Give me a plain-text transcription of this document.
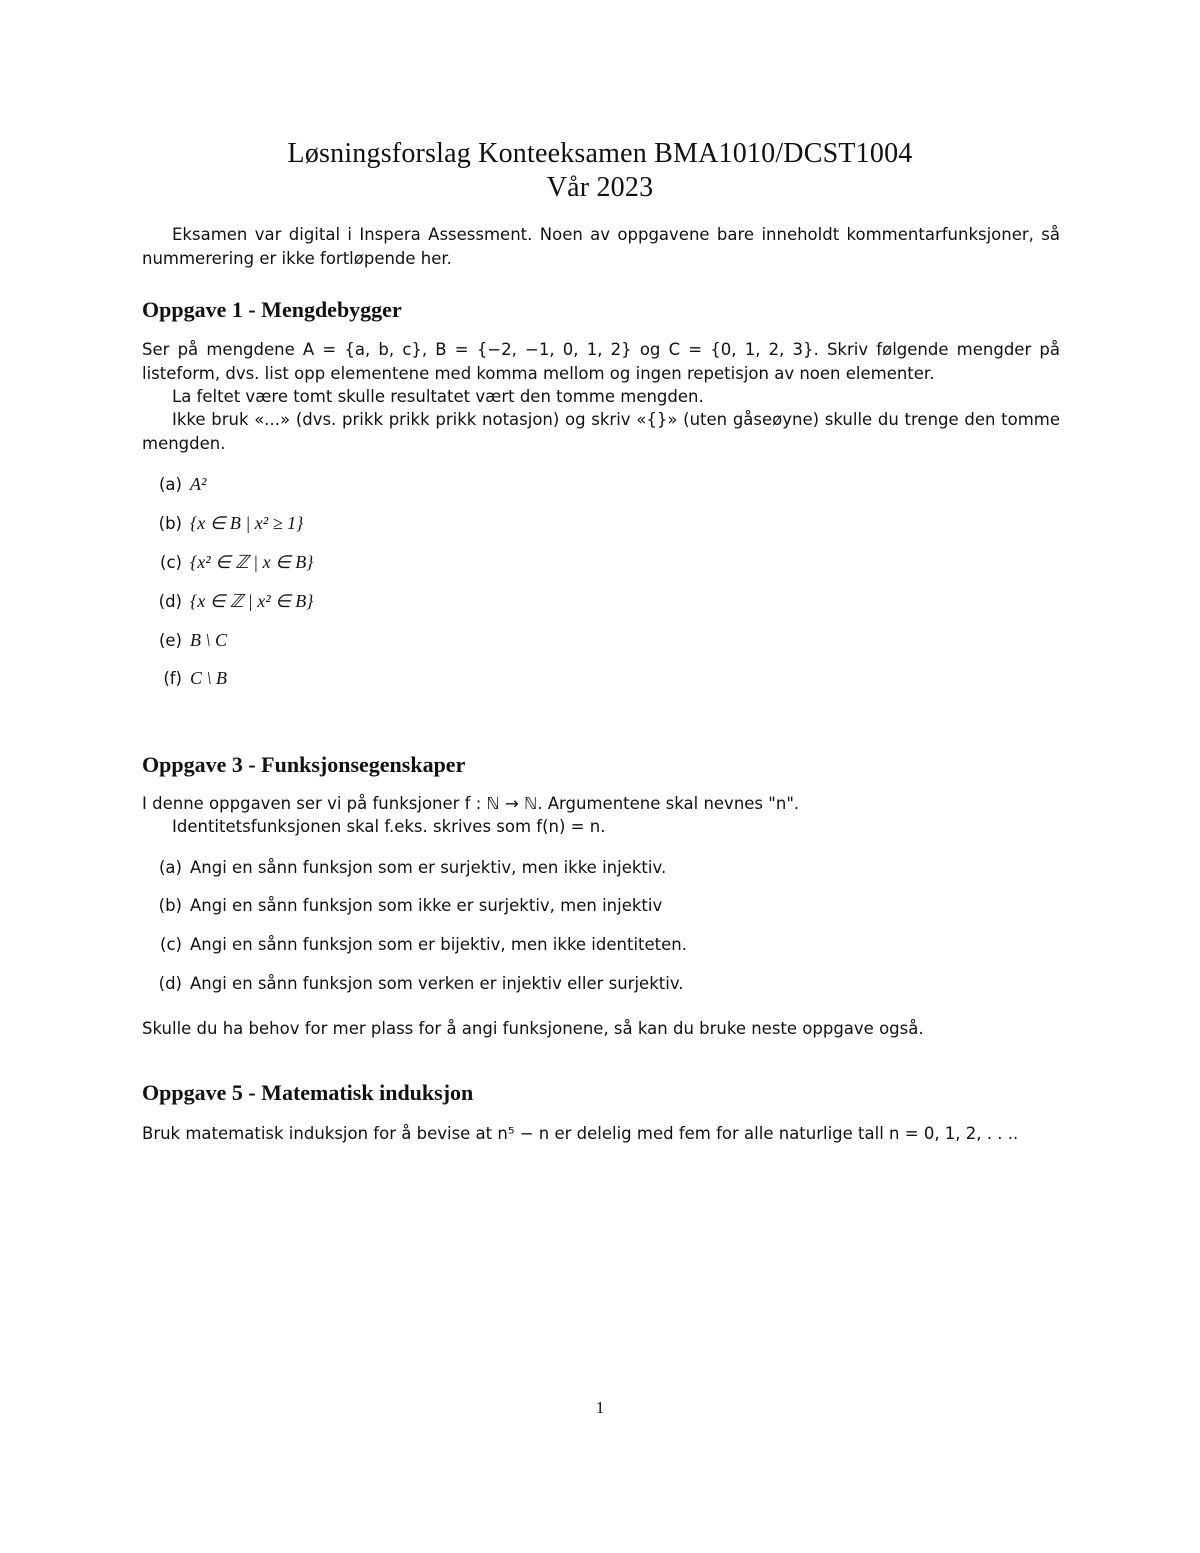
Løsningsforslag Konteeksamen BMA1010/DCST1004
Vår 2023
Eksamen var digital i Inspera Assessment. Noen av oppgavene bare inneholdt kommentarfunksjoner, så nummerering er ikke fortløpende her.
Oppgave 1 - Mengdebygger
Ser på mengdene A = {a, b, c}, B = {−2, −1, 0, 1, 2} og C = {0, 1, 2, 3}. Skriv følgende mengder på listeform, dvs. list opp elementene med komma mellom og ingen repetisjon av noen elementer.
La feltet være tomt skulle resultatet vært den tomme mengden.
Ikke bruk «...» (dvs. prikk prikk prikk notasjon) og skriv «{}» (uten gåseøyne) skulle du trenge den tomme mengden.
(a) A²
(b) {x ∈ B | x² ≥ 1}
(c) {x² ∈ ℤ | x ∈ B}
(d) {x ∈ ℤ | x² ∈ B}
(e) B \ C
(f) C \ B
Oppgave 3 - Funksjonsegenskaper
I denne oppgaven ser vi på funksjoner f : ℕ → ℕ. Argumentene skal nevnes "n".
Identitetsfunksjonen skal f.eks. skrives som f(n) = n.
(a) Angi en sånn funksjon som er surjektiv, men ikke injektiv.
(b) Angi en sånn funksjon som ikke er surjektiv, men injektiv
(c) Angi en sånn funksjon som er bijektiv, men ikke identiteten.
(d) Angi en sånn funksjon som verken er injektiv eller surjektiv.
Skulle du ha behov for mer plass for å angi funksjonene, så kan du bruke neste oppgave også.
Oppgave 5 - Matematisk induksjon
Bruk matematisk induksjon for å bevise at n⁵ − n er delelig med fem for alle naturlige tall n = 0, 1, 2, . . ..
1
